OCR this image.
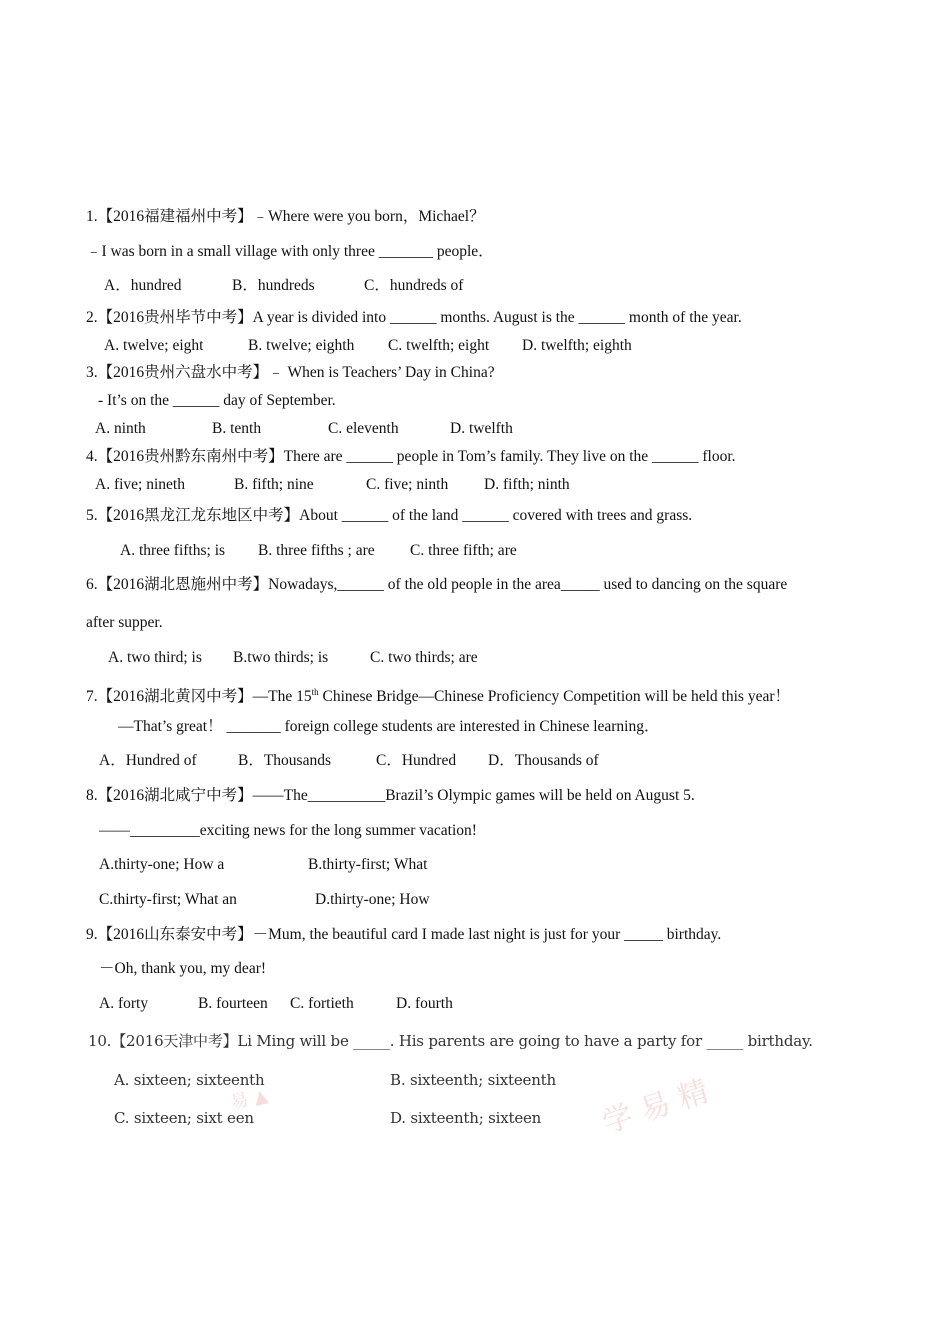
学 易 精
易 ▲
1.【2016福建福州中考】﹣Where were you born，Michael？
﹣I was born in a small village with only three _______ people．
A．hundred	B．hundreds	C．hundreds of
2.【2016贵州毕节中考】A year is divided into ______ months. August is the ______ month of the year.
A. twelve; eight	B. twelve; eighth C. twelfth; eight D. twelfth; eighth
3.【2016贵州六盘水中考】﹣ When is Teachers’ Day in China?
- It’s on the ______ day of September.
A. ninth	B. tenth	C. eleventh	D. twelfth
4.【2016贵州黔东南州中考】There are ______ people in Tom’s family. They live on the ______ floor.
A. five; nineth	B. fifth; nine	C. five; ninth D. fifth; ninth
5.【2016黑龙江龙东地区中考】About ______ of the land ______ covered with trees and grass.
A. three fifths; is B. three fifths ; are C. three fifth; are
6.【2016湖北恩施州中考】Nowadays,______ of the old people in the area_____ used to dancing on the square
after supper.
A. two third; is B.two thirds; is	C. two thirds; are
7.【2016湖北黄冈中考】—The 15th Chinese Bridge—Chinese Proficiency Competition will be held this year！
—That’s great！ _______ foreign college students are interested in Chinese learning．
A．Hundred of	B．Thousands	C．Hundred D．Thousands of
8.【2016湖北咸宁中考】——The__________Brazil’s Olympic games will be held on August 5.
——_________exciting news for the long summer vacation!
A.thirty-one; How a	B.thirty-first; What
C.thirty-first; What an	D.thirty-one; How
9.【2016山东泰安中考】－Mum, the beautiful card I made last night is just for your _____ birthday.
－Oh, thank you, my dear!
A. forty	B. fourteen C. fortieth	D. fourth
10.【2016天津中考】Li Ming will be _____. His parents are going to have a party for _____ birthday.
A. sixteen; sixteenth	B. sixteenth; sixteenth
C. sixteen; sixt een	D. sixteenth; sixteen
